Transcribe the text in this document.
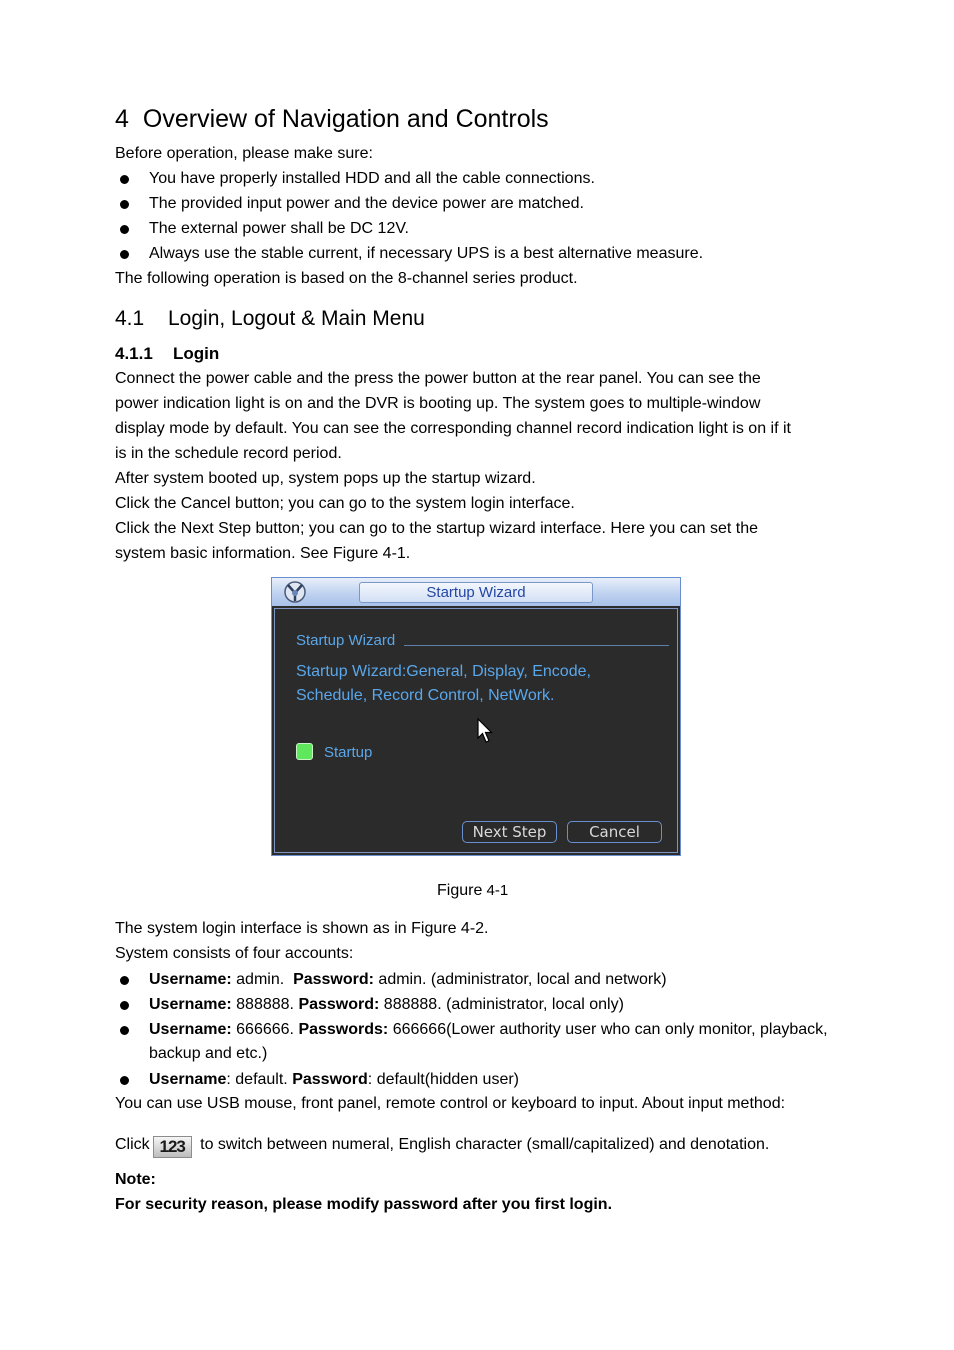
4 Overview of Navigation and Controls
Before operation, please make sure:
You have properly installed HDD and all the cable connections.
The provided input power and the device power are matched.
The external power shall be DC 12V.
Always use the stable current, if necessary UPS is a best alternative measure.
The following operation is based on the 8-channel series product.
4.1 Login, Logout & Main Menu
4.1.1 Login
Connect the power cable and the press the power button at the rear panel. You can see the
power indication light is on and the DVR is booting up. The system goes to multiple-window
display mode by default. You can see the corresponding channel record indication light is on if it
is in the schedule record period.
After system booted up, system pops up the startup wizard.
Click the Cancel button; you can go to the system login interface.
Click the Next Step button; you can go to the startup wizard interface. Here you can set the
system basic information. See Figure 4-1.
Startup Wizard
Startup Wizard
Startup Wizard:General, Display, Encode,
Schedule, Record Control, NetWork.
Startup
Next Step	Cancel
Figure 4-1
The system login interface is shown as in Figure 4-2.
System consists of four accounts:
Username: admin.  Password: admin. (administrator, local and network)
Username: 888888. Password: 888888. (administrator, local only)
Username: 666666. Passwords: 666666(Lower authority user who can only monitor, playback,
backup and etc.)
Username: default. Password: default(hidden user)
You can use USB mouse, front panel, remote control or keyboard to input. About input method:
Click 123 to switch between numeral, English character (small/capitalized) and denotation.
Note:
For security reason, please modify password after you first login.
